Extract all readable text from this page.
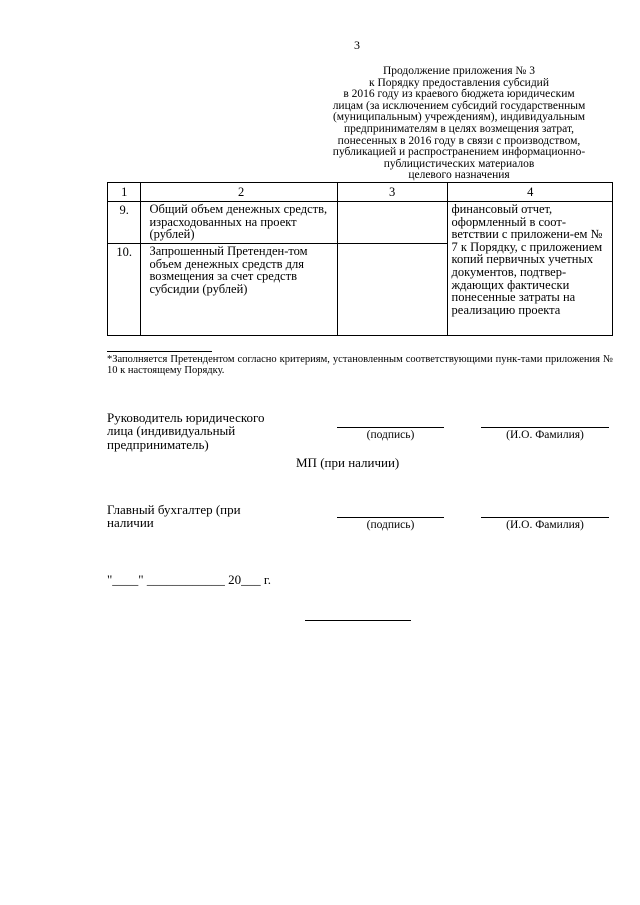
3
Продолжение приложения № 3
к Порядку предоставления субсидий
в 2016 году из краевого бюджета юридическим
лицам (за исключением субсидий государственным
(муниципальным) учреждениям), индивидуальным
предпринимателям в целях возмещения затрат,
понесенных в 2016 году в связи с производством,
публикацией и распространением информационно-
публицистических материалов
целевого назначения
1	2	3	4
9.	Общий объем денежных средств, израсходованных на проект (рублей)		финансовый отчет, оформленный в соот-ветствии с приложени-ем № 7 к Порядку, с приложением копий первичных учетных документов, подтвер-ждающих фактически понесенные затраты на реализацию проекта
10.	Запрошенный Претенден-том объем денежных средств для возмещения за счет средств субсидии (рублей)		
*Заполняется Претендентом согласно критериям, установленным соответствующими пунк-тами приложения № 10 к настоящему Порядку.
Руководитель юридического
лица (индивидуальный
предприниматель)
(подпись)	(И.О. Фамилия)
МП (при наличии)
Главный бухгалтер (при
наличии	(подпись)	(И.О. Фамилия)
"____" ____________ 20___ г.
